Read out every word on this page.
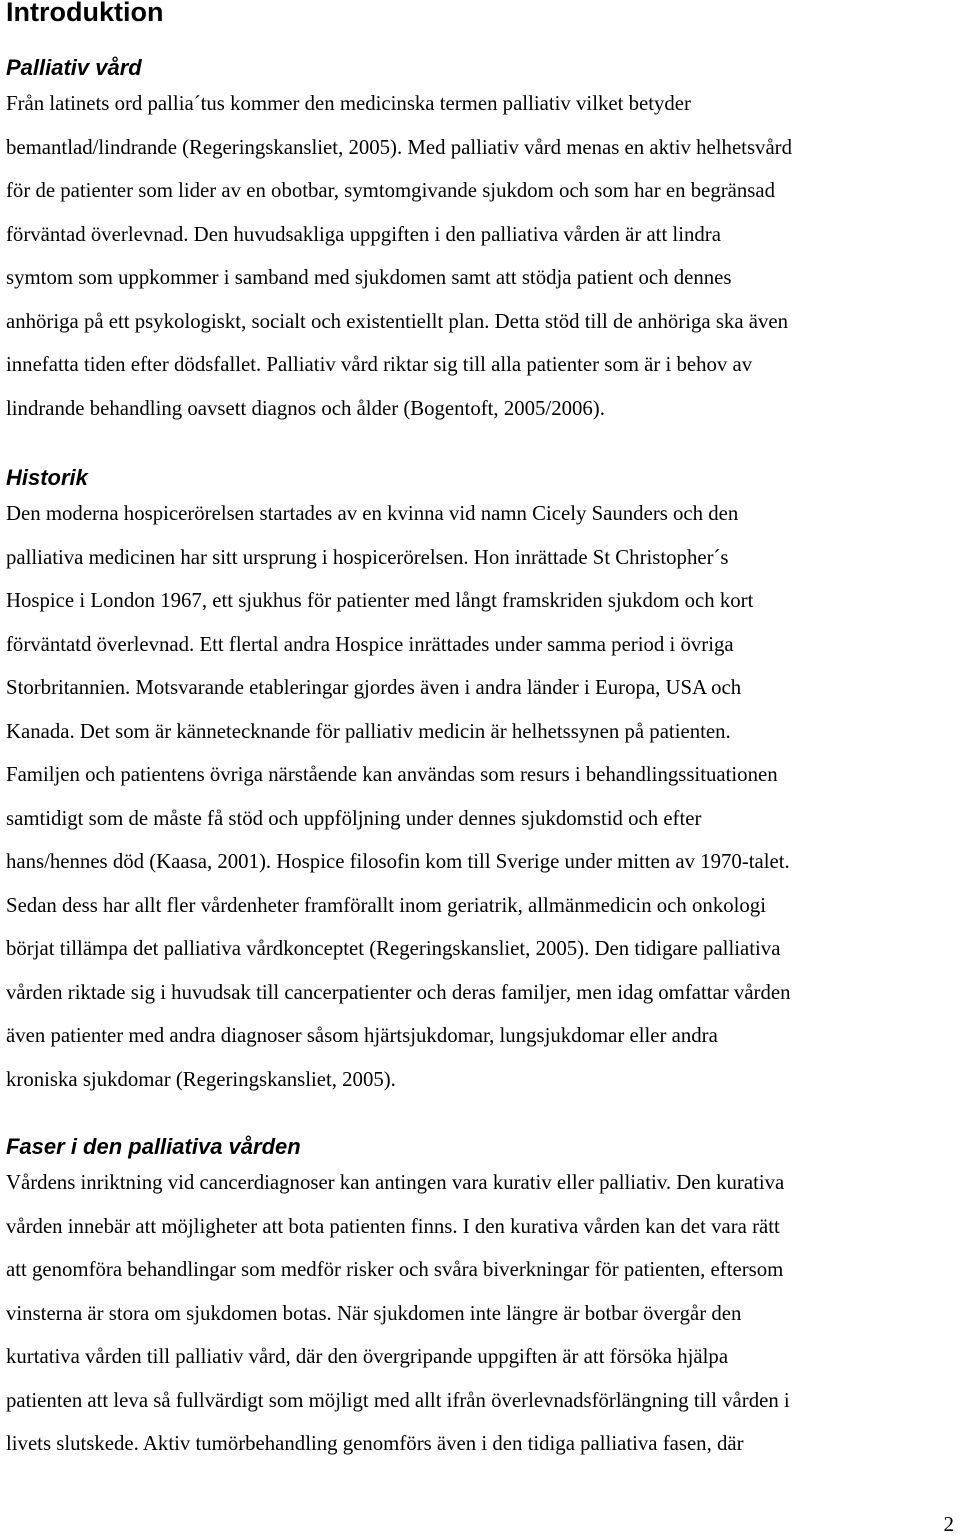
Introduktion
Palliativ vård
Från latinets ord pallia´tus kommer den medicinska termen palliativ vilket betyder
bemantlad/lindrande (Regeringskansliet, 2005). Med palliativ vård menas en aktiv helhetsvård
för de patienter som lider av en obotbar, symtomgivande sjukdom och som har en begränsad
förväntad överlevnad. Den huvudsakliga uppgiften i den palliativa vården är att lindra
symtom som uppkommer i samband med sjukdomen samt att stödja patient och dennes
anhöriga på ett psykologiskt, socialt och existentiellt plan. Detta stöd till de anhöriga ska även
innefatta tiden efter dödsfallet. Palliativ vård riktar sig till alla patienter som är i behov av
lindrande behandling oavsett diagnos och ålder (Bogentoft, 2005/2006).
Historik
Den moderna hospicerörelsen startades av en kvinna vid namn Cicely Saunders och den
palliativa medicinen har sitt ursprung i hospicerörelsen. Hon inrättade St Christopher´s
Hospice i London 1967, ett sjukhus för patienter med långt framskriden sjukdom och kort
förväntatd överlevnad. Ett flertal andra Hospice inrättades under samma period i övriga
Storbritannien. Motsvarande etableringar gjordes även i andra länder i Europa, USA och
Kanada. Det som är kännetecknande för palliativ medicin är helhetssynen på patienten.
Familjen och patientens övriga närstående kan användas som resurs i behandlingssituationen
samtidigt som de måste få stöd och uppföljning under dennes sjukdomstid och efter
hans/hennes död (Kaasa, 2001). Hospice filosofin kom till Sverige under mitten av 1970-talet.
Sedan dess har allt fler vårdenheter framförallt inom geriatrik, allmänmedicin och onkologi
börjat tillämpa det palliativa vårdkonceptet (Regeringskansliet, 2005). Den tidigare palliativa
vården riktade sig i huvudsak till cancerpatienter och deras familjer, men idag omfattar vården
även patienter med andra diagnoser såsom hjärtsjukdomar, lungsjukdomar eller andra
kroniska sjukdomar (Regeringskansliet, 2005).
Faser i den palliativa vården
Vårdens inriktning vid cancerdiagnoser kan antingen vara kurativ eller palliativ. Den kurativa
vården innebär att möjligheter att bota patienten finns. I den kurativa vården kan det vara rätt
att genomföra behandlingar som medför risker och svåra biverkningar för patienten, eftersom
vinsterna är stora om sjukdomen botas. När sjukdomen inte längre är botbar övergår den
kurtativa vården till palliativ vård, där den övergripande uppgiften är att försöka hjälpa
patienten att leva så fullvärdigt som möjligt med allt ifrån överlevnadsförlängning till vården i
livets slutskede. Aktiv tumörbehandling genomförs även i den tidiga palliativa fasen, där
2
